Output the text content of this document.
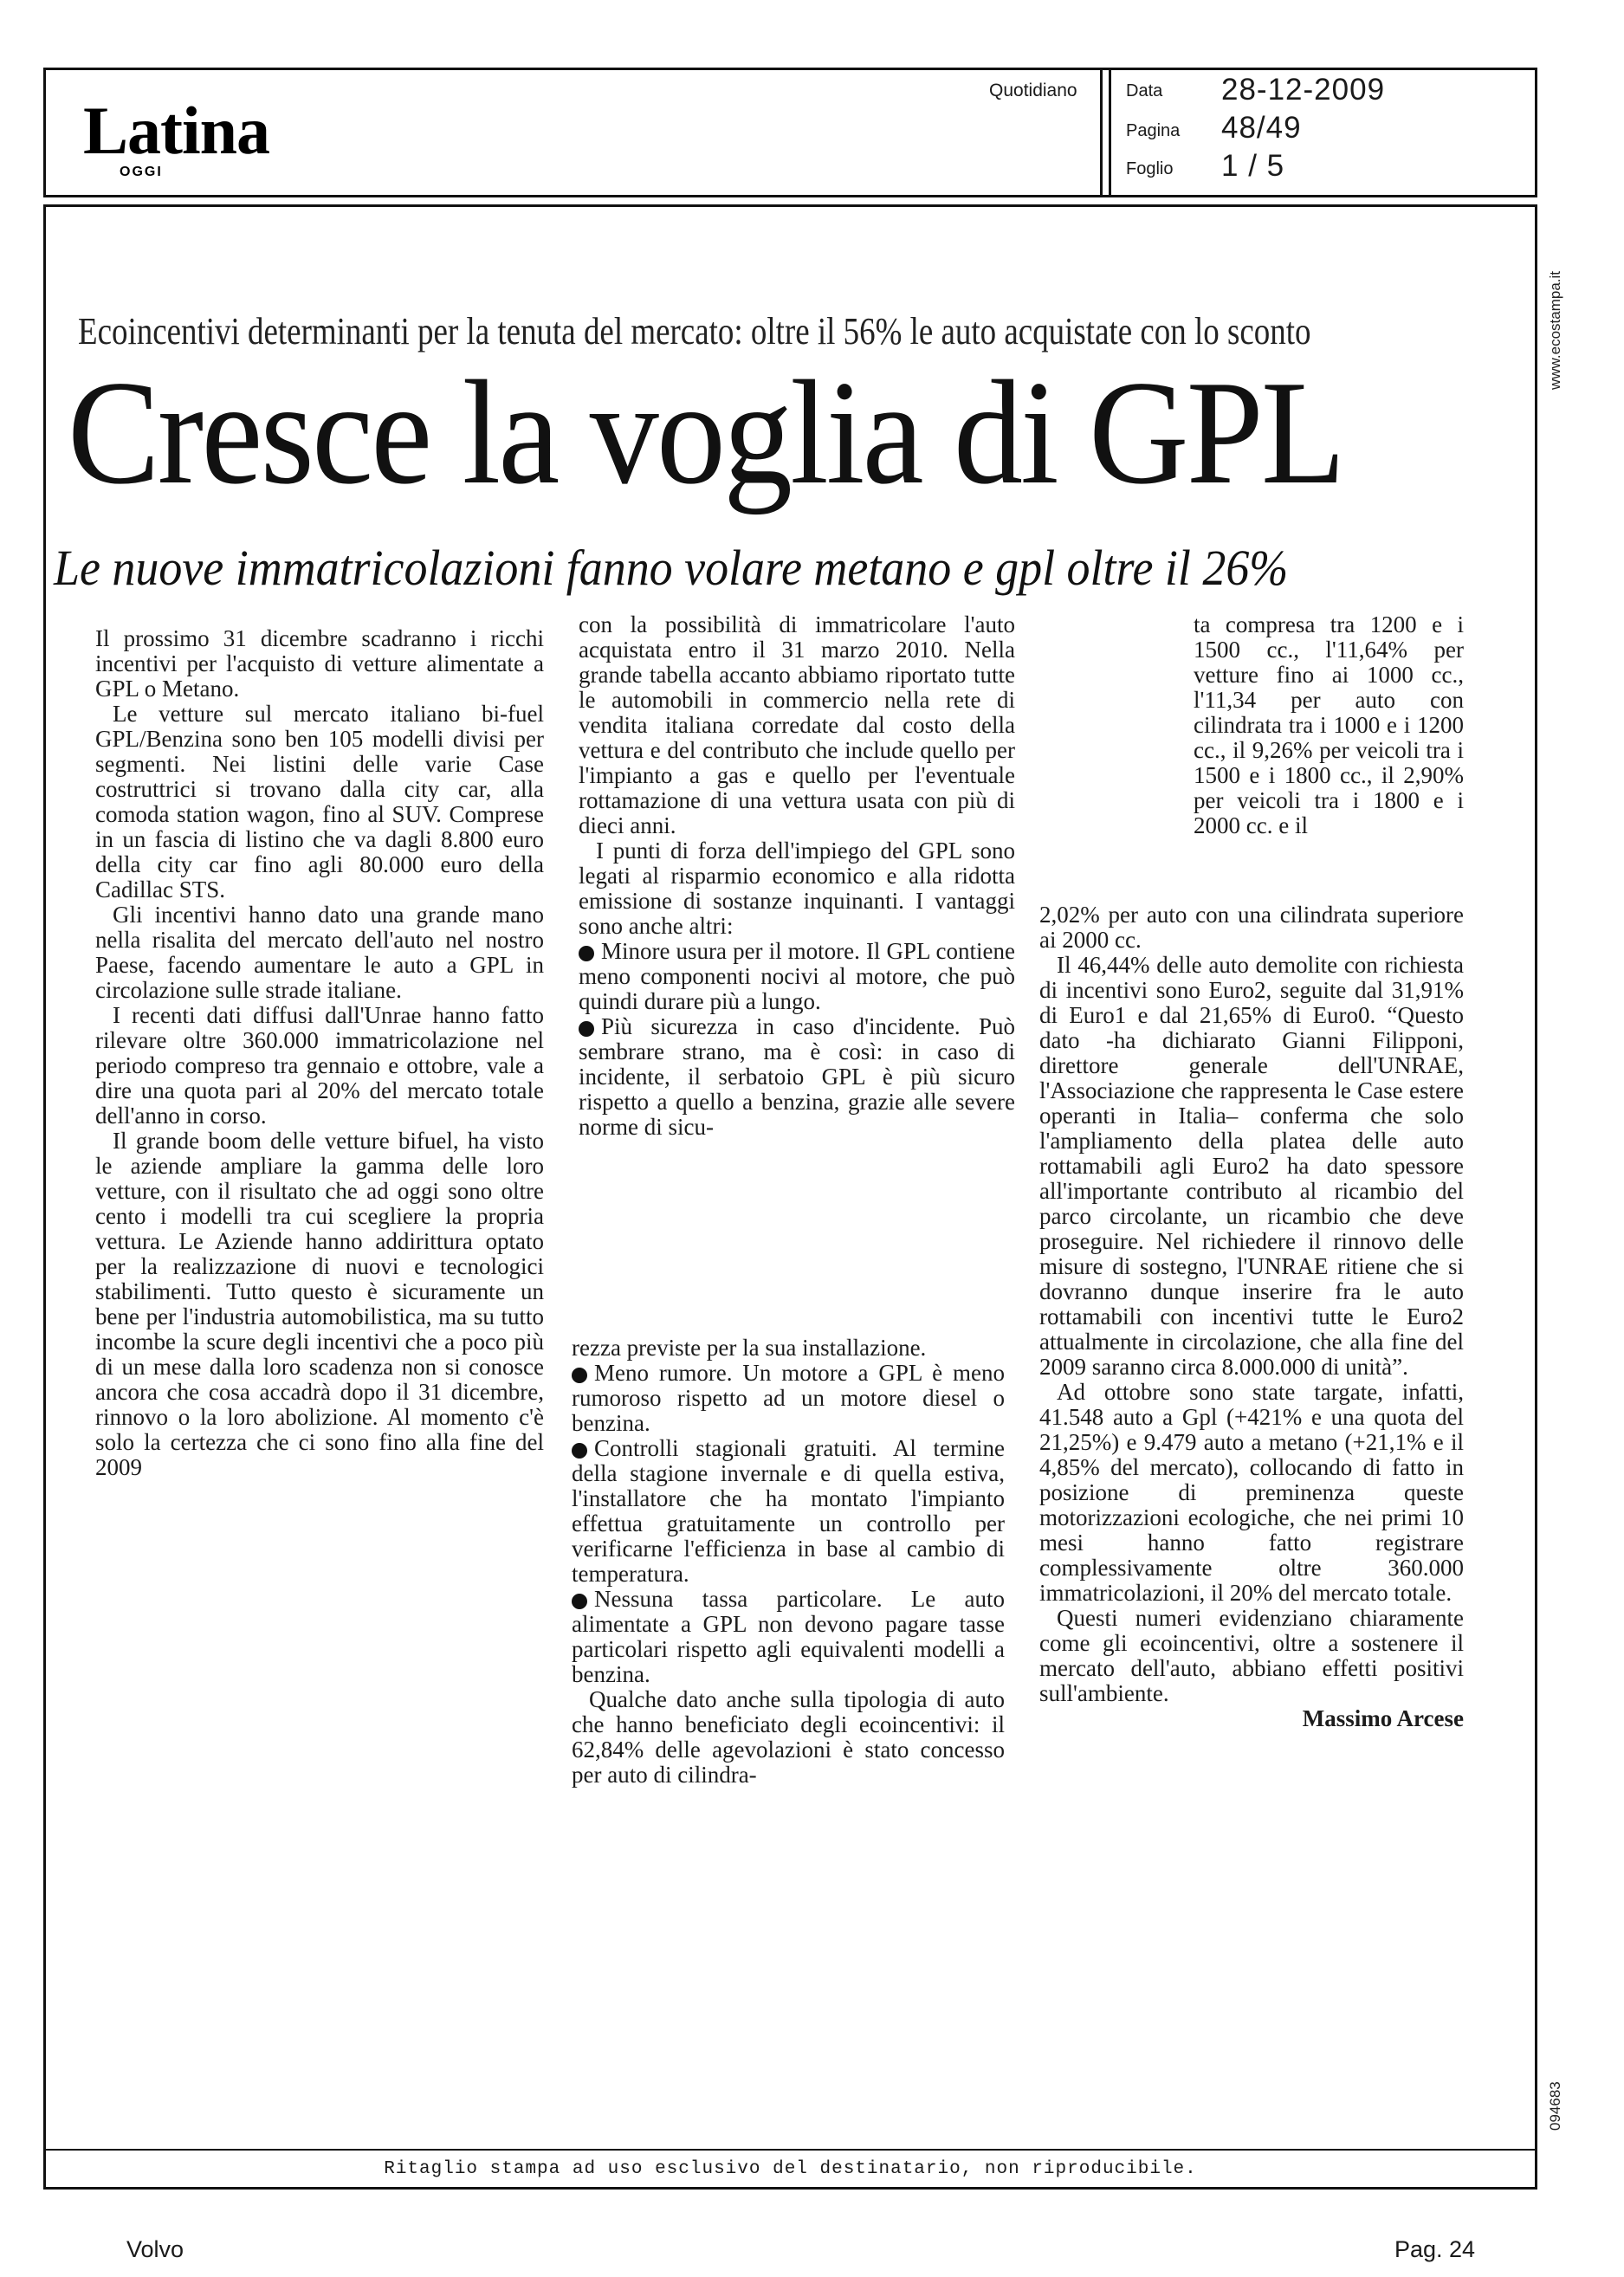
Latina
OGGI
Quotidiano	Data 28-12-2009
Pagina 48/49
Foglio 1 / 5
www.ecostampa.it
094683
Ecoincentivi determinanti per la tenuta del mercato: oltre il 56% le auto acquistate con lo sconto
Cresce la voglia di GPL
Le nuove immatricolazioni fanno volare metano e gpl oltre il 26%

Il prossimo 31 dicembre scadranno i ricchi incentivi per l'acquisto di vetture alimentate a GPL o Metano.

Le vetture sul mercato italiano bi-fuel GPL/Benzina sono ben 105 modelli divisi per segmenti. Nei listini delle varie Case costruttrici si trovano dalla city car, alla comoda station wagon, fino al SUV. Comprese in un fascia di listino che va dagli 8.800 euro della city car fino agli 80.000 euro della Cadillac STS.

Gli incentivi hanno dato una grande mano nella risalita del mercato dell'auto nel nostro Paese, facendo aumentare le auto a GPL in circolazione sulle strade italiane.

I recenti dati diffusi dall'Unrae hanno fatto rilevare oltre 360.000 immatricolazione nel periodo compreso tra gennaio e ottobre, vale a dire una quota pari al 20% del mercato totale dell'anno in corso.

Il grande boom delle vetture bifuel, ha visto le aziende ampliare la gamma delle loro vetture, con il risultato che ad oggi sono oltre cento i modelli tra cui scegliere la propria vettura. Le Aziende hanno addirittura optato per la realizzazione di nuovi e tecnologici stabilimenti. Tutto questo è sicuramente un bene per l'industria automobilistica, ma su tutto incombe la scure degli incentivi che a poco più di un mese dalla loro scadenza non si conosce ancora che cosa accadrà dopo il 31 dicembre, rinnovo o la loro abolizione. Al momento c'è solo la certezza che ci sono fino alla fine del 2009

con la possibilità di immatricolare l'auto acquistata entro il 31 marzo 2010. Nella grande tabella accanto abbiamo riportato tutte le automobili in commercio nella rete di vendita italiana corredate dal costo della vettura e del contributo che include quello per l'impianto a gas e quello per l'eventuale rottamazione di una vettura usata con più di dieci anni.

I punti di forza dell'impiego del GPL sono legati al risparmio economico e alla ridotta emissione di sostanze inquinanti. I vantaggi sono anche altri:

Minore usura per il motore. Il GPL contiene meno componenti nocivi al motore, che può quindi durare più a lungo.

Più sicurezza in caso d'incidente. Può sembrare strano, ma è così: in caso di incidente, il serbatoio GPL è più sicuro rispetto a quello a benzina, grazie alle severe norme di sicu-

rezza previste per la sua installazione.

Meno rumore. Un motore a GPL è meno rumoroso rispetto ad un motore diesel o benzina.

Controlli stagionali gratuiti. Al termine della stagione invernale e di quella estiva, l'installatore che ha montato l'impianto effettua gratuitamente un controllo per verificarne l'efficienza in base al cambio di temperatura.

Nessuna tassa particolare. Le auto alimentate a GPL non devono pagare tasse particolari rispetto agli equivalenti modelli a benzina.

Qualche dato anche sulla tipologia di auto che hanno beneficiato degli ecoincentivi: il 62,84% delle agevolazioni è stato concesso per auto di cilindra-

ta compresa tra 1200 e i 1500 cc., l'11,64% per vetture fino ai 1000 cc., l'11,34 per auto con cilindrata tra i 1000 e i 1200 cc., il 9,26% per veicoli tra i 1500 e i 1800 cc., il 2,90% per veicoli tra i 1800 e i 2000 cc. e il

2,02% per auto con una cilindrata superiore ai 2000 cc.

Il 46,44% delle auto demolite con richiesta di incentivi sono Euro2, seguite dal 31,91% di Euro1 e dal 21,65% di Euro0. “Questo dato -ha dichiarato Gianni Filipponi, direttore generale dell'UNRAE, l'Associazione che rappresenta le Case estere operanti in Italia– conferma che solo l'ampliamento della platea delle auto rottamabili agli Euro2 ha dato spessore all'importante contributo al ricambio del parco circolante, un ricambio che deve proseguire. Nel richiedere il rinnovo delle misure di sostegno, l'UNRAE ritiene che si dovranno dunque inserire fra le auto rottamabili con incentivi tutte le Euro2 attualmente in circolazione, che alla fine del 2009 saranno circa 8.000.000 di unità”.

Ad ottobre sono state targate, infatti, 41.548 auto a Gpl (+421% e una quota del 21,25%) e 9.479 auto a metano (+21,1% e il 4,85% del mercato), collocando di fatto in posizione di preminenza queste motorizzazioni ecologiche, che nei primi 10 mesi hanno fatto registrare complessivamente oltre 360.000 immatricolazioni, il 20% del mercato totale.

Questi numeri evidenziano chiaramente come gli ecoincentivi, oltre a sostenere il mercato dell'auto, abbiano effetti positivi sull'ambiente.

Massimo Arcese

Ritaglio stampa ad uso esclusivo del destinatario, non riproducibile.
Volvo	Pag. 24
